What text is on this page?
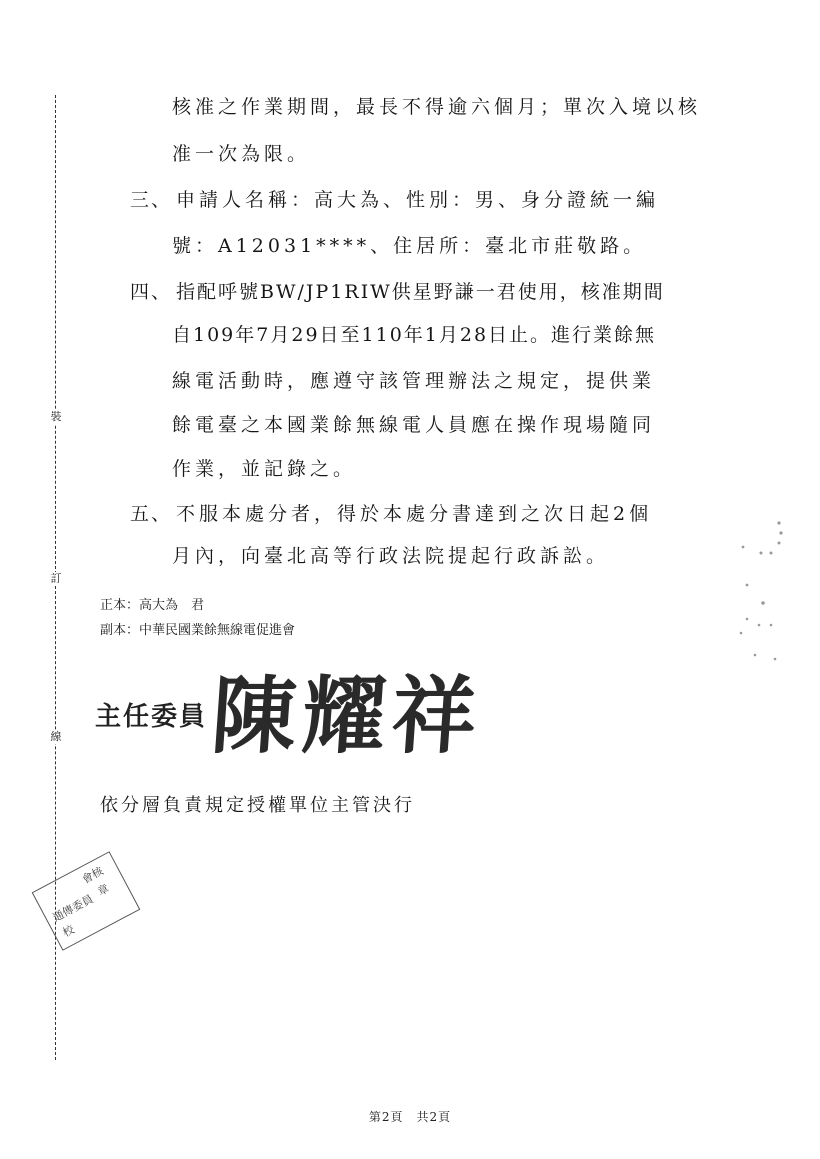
裝
訂
線
核准之作業期間，最長不得逾六個月；單次入境以核
准一次為限。
三、 申請人名稱：高大為、性別：男、身分證統一編
號：A12031****、住居所：臺北市莊敬路。
四、 指配呼號BW/JP1RIW供星野謙一君使用，核准期間
自109年7月29日至110年1月28日止。進行業餘無
線電活動時，應遵守該管理辦法之規定，提供業
餘電臺之本國業餘無線電人員應在操作現場隨同
作業，並記錄之。
五、 不服本處分者，得於本處分書達到之次日起2個
月內，向臺北高等行政法院提起行政訴訟。
正本：高大為　君
副本：中華民國業餘無線電促進會
主任委員 陳耀祥
依分層負責規定授權單位主管決行
會核
章
通傳委員
校
第2頁　共2頁
